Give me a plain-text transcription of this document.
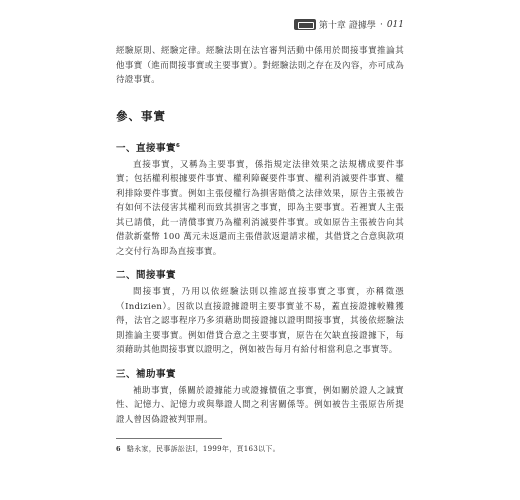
第十章 證據學 · 011

經驗原則、經驗定律。經驗法則在法官審判活動中係用於間接事實推論其他事實（進而間接事實或主要事實）。對經驗法則之存在及內容，亦可成為待證事實。

參、事實
一、直接事實$^6$

直接事實，又稱為主要事實，係指規定法律效果之法規構成要件事實；包括權利根據要件事實、權利障礙要件事實、權利消滅要件事實、權利排除要件事實。例如主張侵權行為損害賠償之法律效果，原告主張被告有如何不法侵害其權利而致其損害之事實，即為主要事實。若裡實人主張其已請償，此一清償事實乃為權利消滅要件事實。或如原告主張被告向其借款新臺幣 100 萬元未返還而主張借款返還請求權，其借貸之合意與款項之交付行為即為直接事實。

二、間接事實

間接事實，乃用以依經驗法則以推認直接事實之事實，亦稱徵憑（Indizien）。因欲以直接證據證明主要事實並不易，蓋直接證據較難獲得，法官之認事程序乃多須藉助間接證據以證明間接事實，其後依經驗法則推論主要事實。例如借貸合意之主要事實，原告在欠缺直接證據下，每須藉助其他間接事實以證明之，例如被告每月有給付相當利息之事實等。

三、補助事實

補助事實，係關於證據能力或證據價值之事實，例如關於證人之誠實性、記憶力、記憶力或與舉證人間之利害關係等。例如被告主張原告所提證人曾因偽證被判罪刑。

6 駱永家，民事訴訟法Ⅰ，1999年，頁163以下。
